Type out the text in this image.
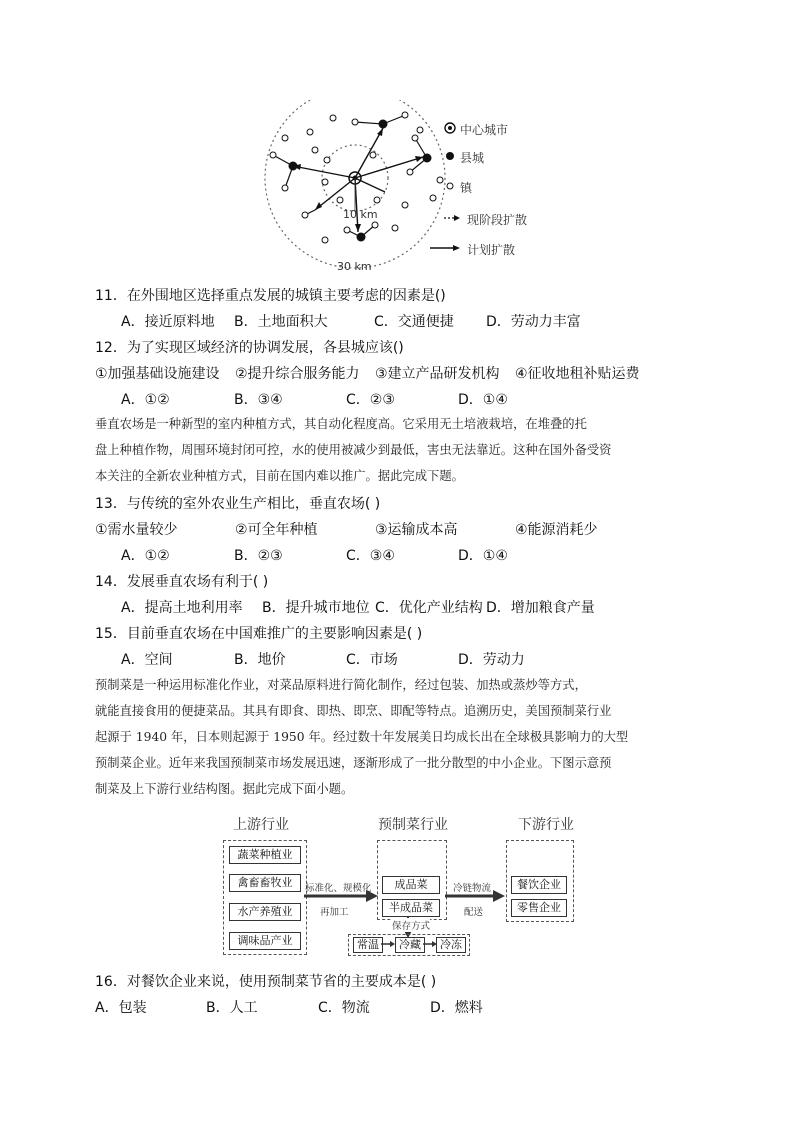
中心城市
县城
镇
现阶段扩散
计划扩散
10 km
30 km
11．在外围地区选择重点发展的城镇主要考虑的因素是()
A．接近原料地 B．土地面积大	C．交通便捷 D．劳动力丰富
12．为了实现区域经济的协调发展，各县城应该()
①加强基础设施建设 ②提升综合服务能力 ③建立产品研发机构 ④征收地租补贴运费
A．①②	B．③④	C．②③	D．①④
垂直农场是一种新型的室内种植方式，其自动化程度高。它采用无土培液栽培，在堆叠的托
盘上种植作物，周围环境封闭可控，水的使用被减少到最低，害虫无法靠近。这种在国外备受资
本关注的全新农业种植方式，目前在国内难以推广。据此完成下题。
13．与传统的室外农业生产相比，垂直农场( )
①需水量较少	②可全年种植	③运输成本高	④能源消耗少
A．①②	B．②③	C．③④	D．①④
14．发展垂直农场有利于( )
A．提高土地利用率 B．提升城市地位 C．优化产业结构 D．增加粮食产量
15．目前垂直农场在中国难推广的主要影响因素是( )
A．空间	B．地价	C．市场	D．劳动力
预制菜是一种运用标准化作业，对菜品原料进行简化制作，经过包装、加热或蒸炒等方式，
就能直接食用的便捷菜品。其具有即食、即热、即烹、即配等特点。追溯历史，美国预制菜行业
起源于 1940 年，日本则起源于 1950 年。经过数十年发展美日均成长出在全球极具影响力的大型
预制菜企业。近年来我国预制菜市场发展迅速，逐渐形成了一批分散型的中小企业。下图示意预
制菜及上下游行业结构图。据此完成下面小题。
上游行业	预制菜行业	下游行业
蔬菜种植业
禽畜畜牧业
水产养殖业
调味品产业
标准化、规模化
再加工
成品菜
半成品菜
保存方式
常温	冷藏	冷冻
冷链物流
配送
餐饮企业
零售企业
16．对餐饮企业来说，使用预制菜节省的主要成本是( )
A．包装	B．人工	C．物流	D．燃料
